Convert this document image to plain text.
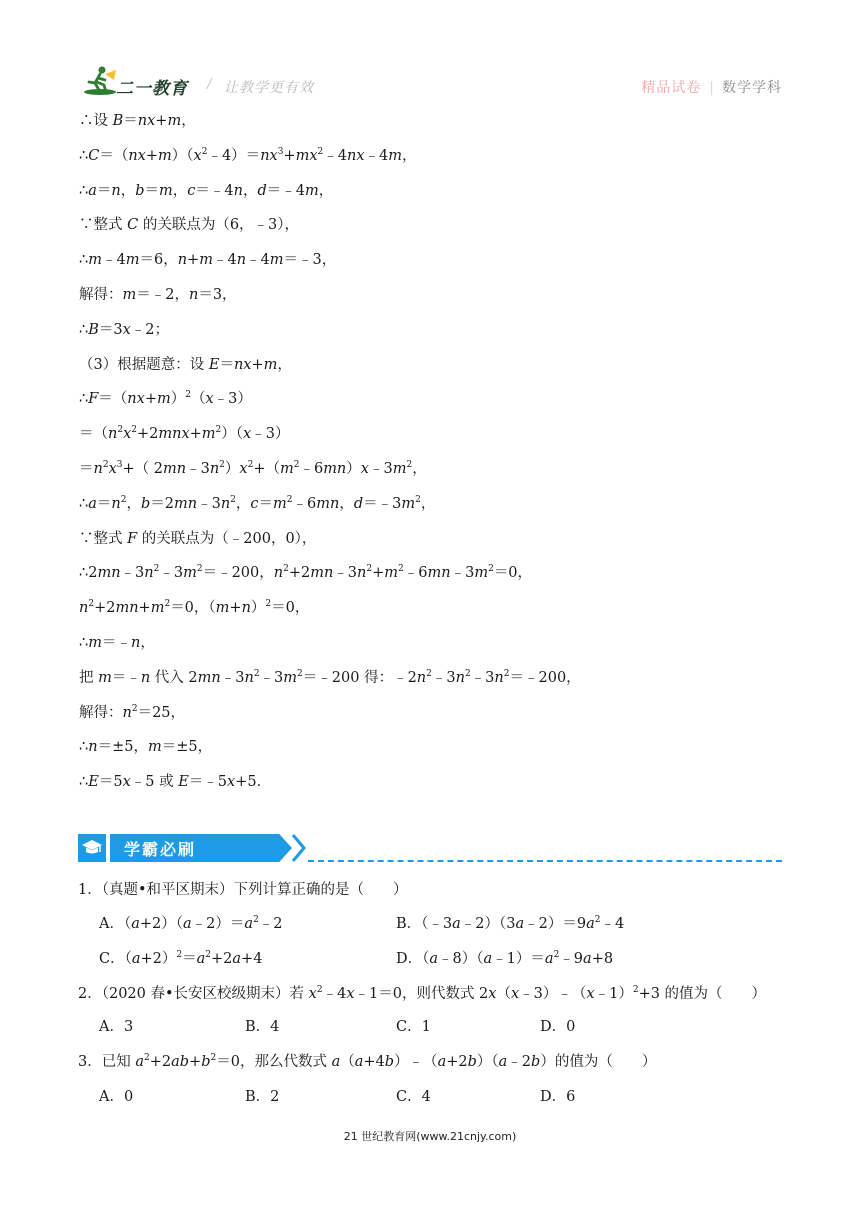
二一教育 / 让教学更有效	精品试卷 | 数学学科
∴设 B＝nx+m，
$\therefore C=(nx+m)(x^2﹣4)=nx^3+mx^2﹣4nx﹣4m$，
∴a＝n，b＝m，c＝﹣4n，d＝﹣4m，
∵整式 C 的关联点为（6，﹣3），
∴m﹣4m＝6，n+m﹣4n﹣4m＝﹣3，
解得：m＝﹣2，n＝3，
∴B＝3x﹣2；
（3）根据题意：设 E＝nx+m，
$\therefore F=(nx+m)^2(x﹣3)$
$=(n^2x^2+2mnx+m^2)(x﹣3)$
$=n^2x^3+$（ $2mn﹣3n^2)x^2+(m^2﹣6mn)x﹣3m^2$，
$\therefore a=n^2$，$b=2mn﹣3n^2$，$c=m^2﹣6mn$，$d=﹣3m^2$，
∵整式 F 的关联点为（﹣200，0），
$\therefore 2mn﹣3n^2﹣3m^2=﹣200$，$n^2+2mn﹣3n^2+m^2﹣6mn﹣3m^2=0$，
$n^2+2mn+m^2=0$，$(m+n)^2=0$，
∴m＝﹣n，
把 m＝﹣n 代入 $2mn﹣3n^2﹣3m^2=﹣200$ 得：$﹣2n^2﹣3n^2﹣3n^2=﹣200$，
解得：$n^2=25$，
∴n＝±5，m＝±5，
∴E＝5x﹣5 或 E＝﹣5x+5．
学霸必刷
1．（真题•和平区期末）下列计算正确的是（　　）
A．$(a+2)(a﹣2)=a^2﹣2$	B．$(﹣3a﹣2)(3a﹣2)=9a^2﹣4$
C．$(a+2)^2=a^2+2a+4$	D．$(a﹣8)(a﹣1)=a^2﹣9a+8$
2．（2020 春•长安区校级期末）若 $x^2﹣4x﹣1=0$，则代数式 2x（x﹣3）﹣（x﹣1）$^2$+3 的值为（　　）
A．3	B．4	C．1	D．0
3．已知 $a^2+2ab+b^2=0$，那么代数式 a（a+4b）﹣（a+2b）（a﹣2b）的值为（　　）
A．0	B．2	C．4	D．6
21 世纪教育网(www.21cnjy.com)
